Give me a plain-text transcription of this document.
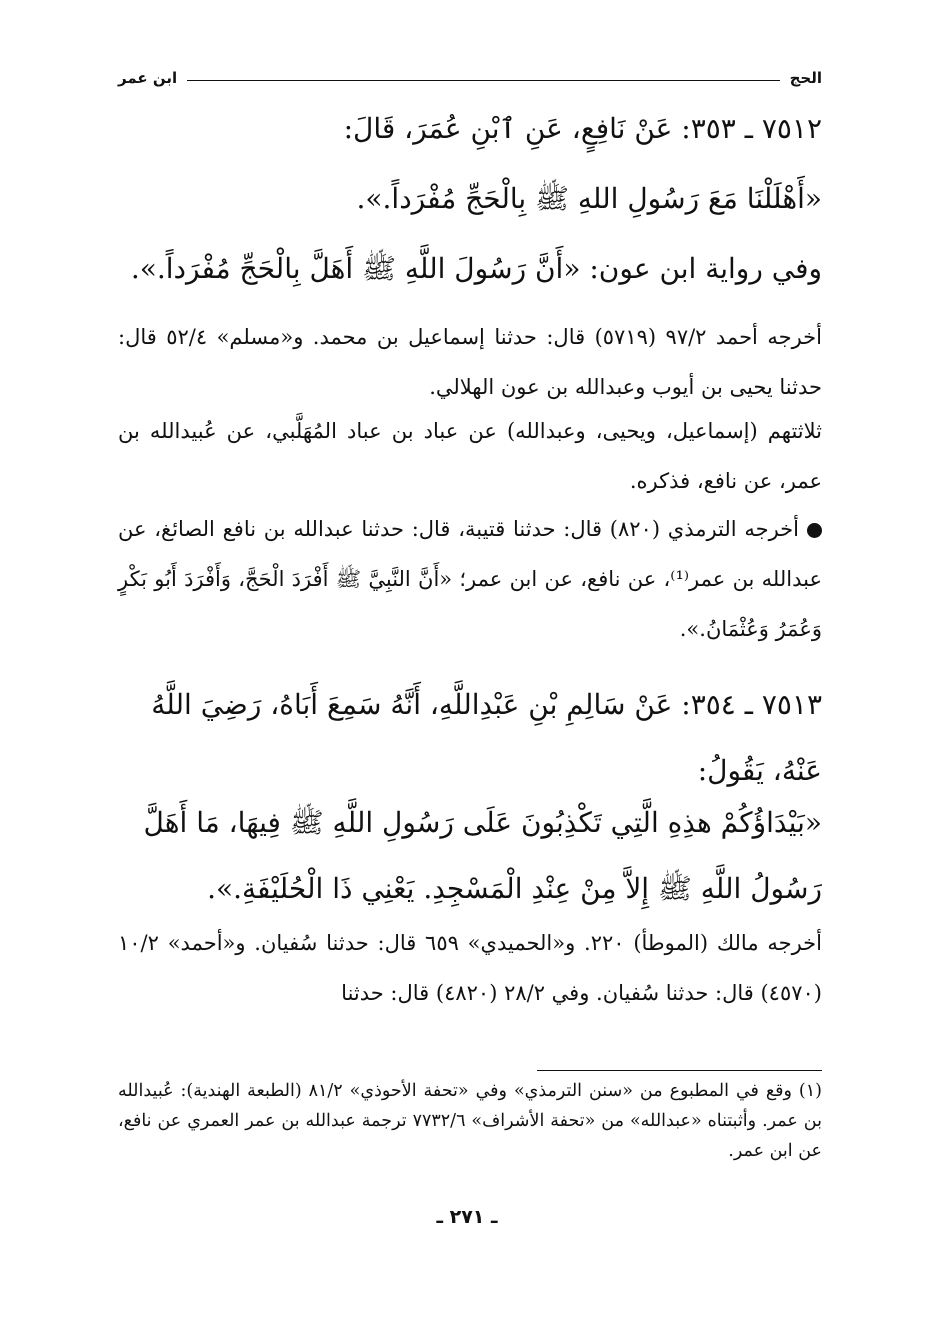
الحج
ابن عمر

٧٥١٢ ـ ٣٥٣: عَنْ نَافِعٍ، عَنِ ٱبْنِ عُمَرَ، قَالَ:

«أَهْلَلْنَا مَعَ رَسُولِ اللهِ ﷺ بِالْحَجِّ مُفْرَداً.».

وفي رواية ابن عون: «أَنَّ رَسُولَ اللَّهِ ﷺ أَهَلَّ بِالْحَجِّ مُفْرَداً.».

أخرجه أحمد ٩٧/٢ (٥٧١٩) قال: حدثنا إسماعيل بن محمد. و«مسلم» ٥٢/٤ قال: حدثنا يحيى بن أيوب وعبدالله بن عون الهلالي.

ثلاثتهم (إسماعيل، ويحيى، وعبدالله) عن عباد بن عباد المُهَلَّبي، عن عُبيدالله بن عمر، عن نافع، فذكره.

أخرجه الترمذي (٨٢٠) قال: حدثنا قتيبة، قال: حدثنا عبدالله بن نافع الصائغ، عن عبدالله بن عمر⁽¹⁾، عن نافع، عن ابن عمر؛ «أَنَّ النَّبِيَّ ﷺ أَفْرَدَ الْحَجَّ، وَأَفْرَدَ أَبُو بَكْرٍ وَعُمَرُ وَعُثْمَانُ.».

٧٥١٣ ـ ٣٥٤: عَنْ سَالِمِ بْنِ عَبْدِاللَّهِ، أَنَّهُ سَمِعَ أَبَاهُ، رَضِيَ اللَّهُ عَنْهُ، يَقُولُ:

«بَيْدَاؤُكُمْ هذِهِ الَّتِي تَكْذِبُونَ عَلَى رَسُولِ اللَّهِ ﷺ فِيهَا، مَا أَهَلَّ رَسُولُ اللَّهِ ﷺ إِلاَّ مِنْ عِنْدِ الْمَسْجِدِ. يَعْنِي ذَا الْحُلَيْفَةِ.».

أخرجه مالك (الموطأ) ٢٢٠. و«الحميدي» ٦٥٩ قال: حدثنا سُفيان. و«أحمد» ١٠/٢ (٤٥٧٠) قال: حدثنا سُفيان. وفي ٢٨/٢ (٤٨٢٠) قال: حدثنا

(١) وقع في المطبوع من «سنن الترمذي» وفي «تحفة الأحوذي» ٨١/٢ (الطبعة الهندية): عُبيدالله بن عمر. وأثبتناه «عبدالله» من «تحفة الأشراف» ٧٧٣٢/٦ ترجمة عبدالله بن عمر العمري عن نافع، عن ابن عمر.

ـ ٢٧١ ـ
